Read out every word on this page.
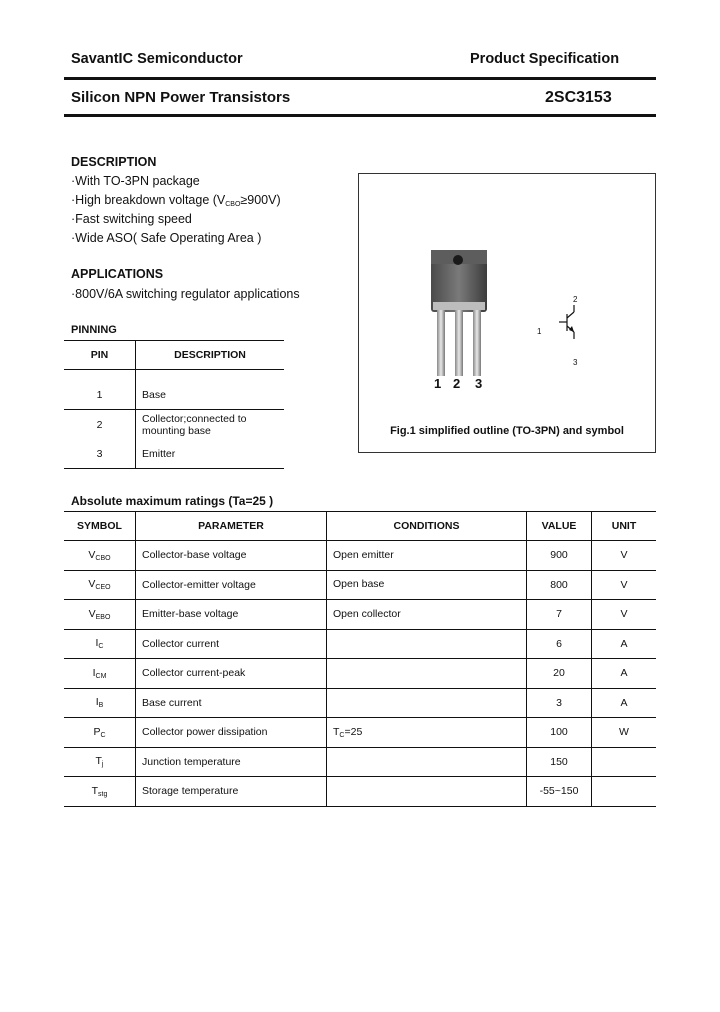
SavantIC Semiconductor	Product Specification
Silicon NPN Power Transistors	2SC3153
DESCRIPTION
·With TO-3PN package
·High breakdown voltage $(V_{CBO}\ge 900V)$
·Fast switching speed
·Wide ASO( Safe Operating Area )
APPLICATIONS
·800V/6A switching regulator applications
PINNING
PIN	DESCRIPTION
1	Base
2	Collector;connected to mounting base
3	Emitter
1 2 3
1
2
3
Fig.1 simplified outline (TO-3PN) and symbol
Absolute maximum ratings (Ta=25 )
SYMBOL	PARAMETER	CONDITIONS	VALUE	UNIT
$V_{CBO}$	Collector-base voltage	Open emitter	900	V
$V_{CEO}$	Collector-emitter voltage	Open base	800	V
$V_{EBO}$	Emitter-base voltage	Open collector	7	V
$I_C$	Collector current		6	A
$I_{CM}$	Collector current-peak		20	A
$I_B$	Base current		3	A
$P_C$	Collector power dissipation	$T_C=25$	100	W
$T_j$	Junction temperature		150	
$T_{stg}$	Storage temperature		-55~150	
